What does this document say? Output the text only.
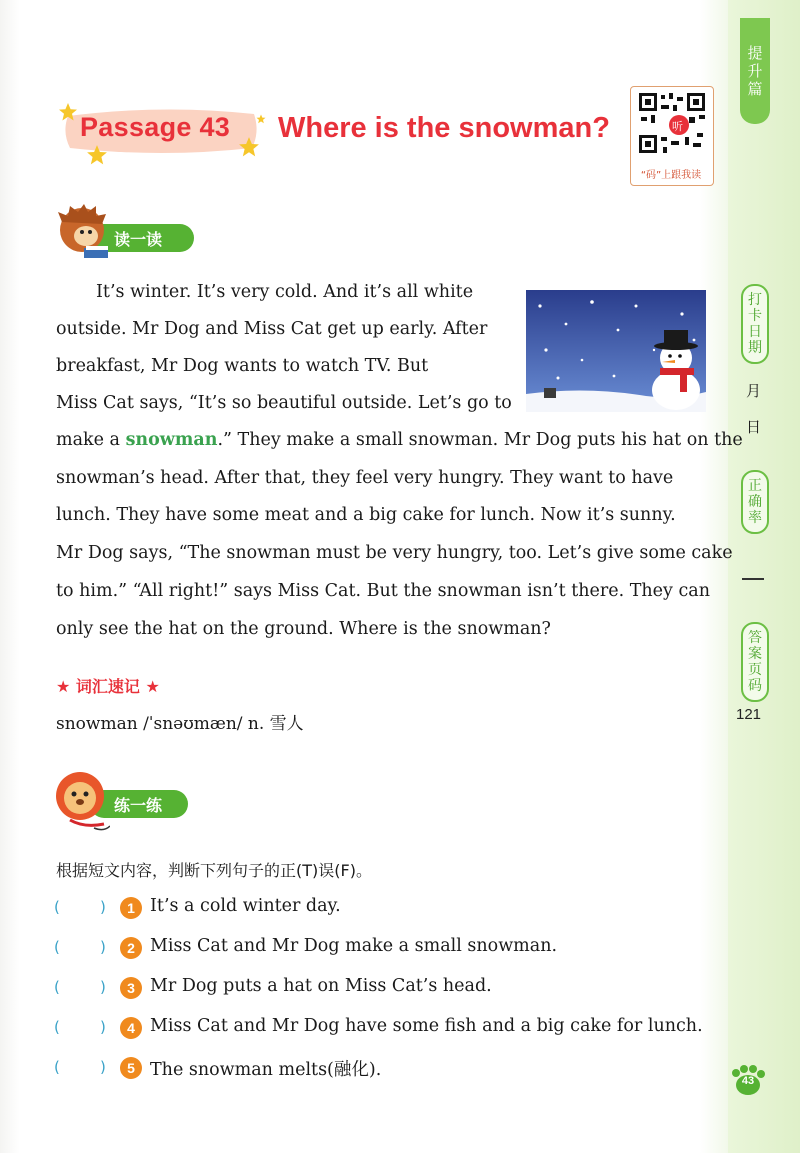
提
升
篇
打
卡
日
期
月
日
正
确
率
答
案
页
码
121
43
Passage 43 Where is the snowman?	听
“码”上跟我读
读一读
It’s winter. It’s very cold. And it’s all white
outside. Mr Dog and Miss Cat get up early. After
breakfast, Mr Dog wants to watch TV. But
Miss Cat says, “It’s so beautiful outside. Let’s go to
make a snowman.” They make a small snowman. Mr Dog puts his hat on the
snowman’s head. After that, they feel very hungry. They want to have
lunch. They have some meat and a big cake for lunch. Now it’s sunny.
Mr Dog says, “The snowman must be very hungry, too. Let’s give some cake
to him.” “All right!” says Miss Cat. But the snowman isn’t there. They can
only see the hat on the ground. Where is the snowman?
★ 词汇速记 ★
snowman /ˈsnəʊmæn/ n. 雪人
练一练
根据短文内容，判断下列句子的正(T)误(F)。
(	)	1 It’s a cold winter day.
(	)	2 Miss Cat and Mr Dog make a small snowman.
(	)	3 Mr Dog puts a hat on Miss Cat’s head.
(	)	4 Miss Cat and Mr Dog have some fish and a big cake for lunch.
(	)	5 The snowman melts(融化).
